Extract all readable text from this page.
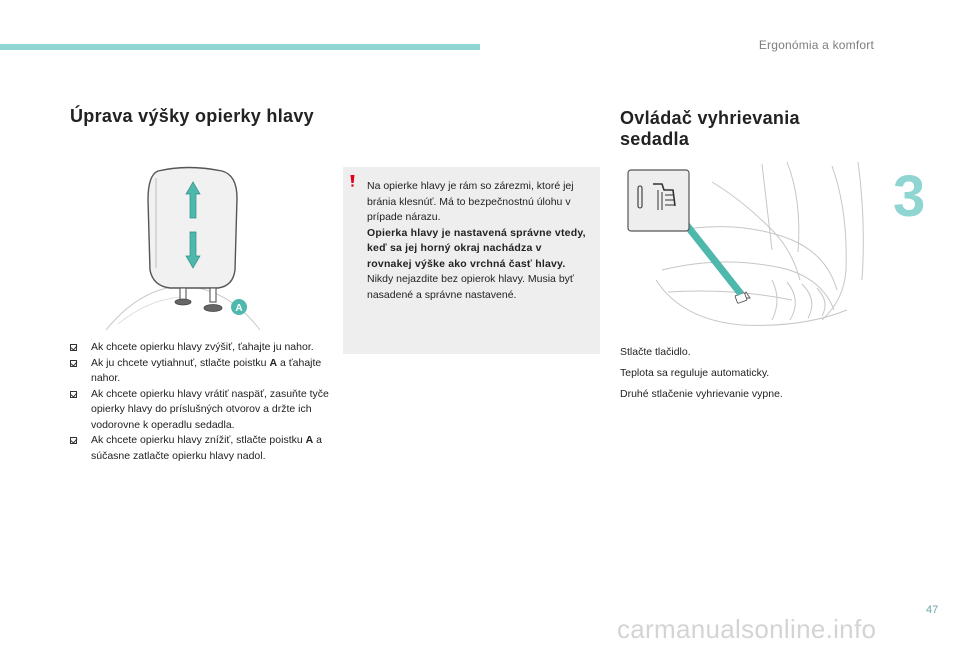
Ergonómia a komfort
3
47
Úprava výšky opierky hlavy
A

Na opierke hlavy je rám so zárezmi, ktoré jej bránia klesnúť. Má to bezpečnostnú úlohu v prípade nárazu.

Opierka hlavy je nastavená správne vtedy, keď sa jej horný okraj nachádza v rovnakej výške ako vrchná časť hlavy.

Nikdy nejazdite bez opierok hlavy. Musia byť nasadené a správne nastavené.

Ak chcete opierku hlavy zvýšiť, ťahajte ju nahor.
Ak ju chcete vytiahnuť, stlačte poistku A a ťahajte nahor.
Ak chcete opierku hlavy vrátiť naspäť, zasuňte tyče opierky hlavy do príslušných otvorov a držte ich vodorovne k operadlu sedadla.
Ak chcete opierku hlavy znížiť, stlačte poistku A a súčasne zatlačte opierku hlavy nadol.
Ovládač vyhrievania
sedadla

Stlačte tlačidlo.

Teplota sa reguluje automaticky.

Druhé stlačenie vyhrievanie vypne.

carmanualsonline.info
